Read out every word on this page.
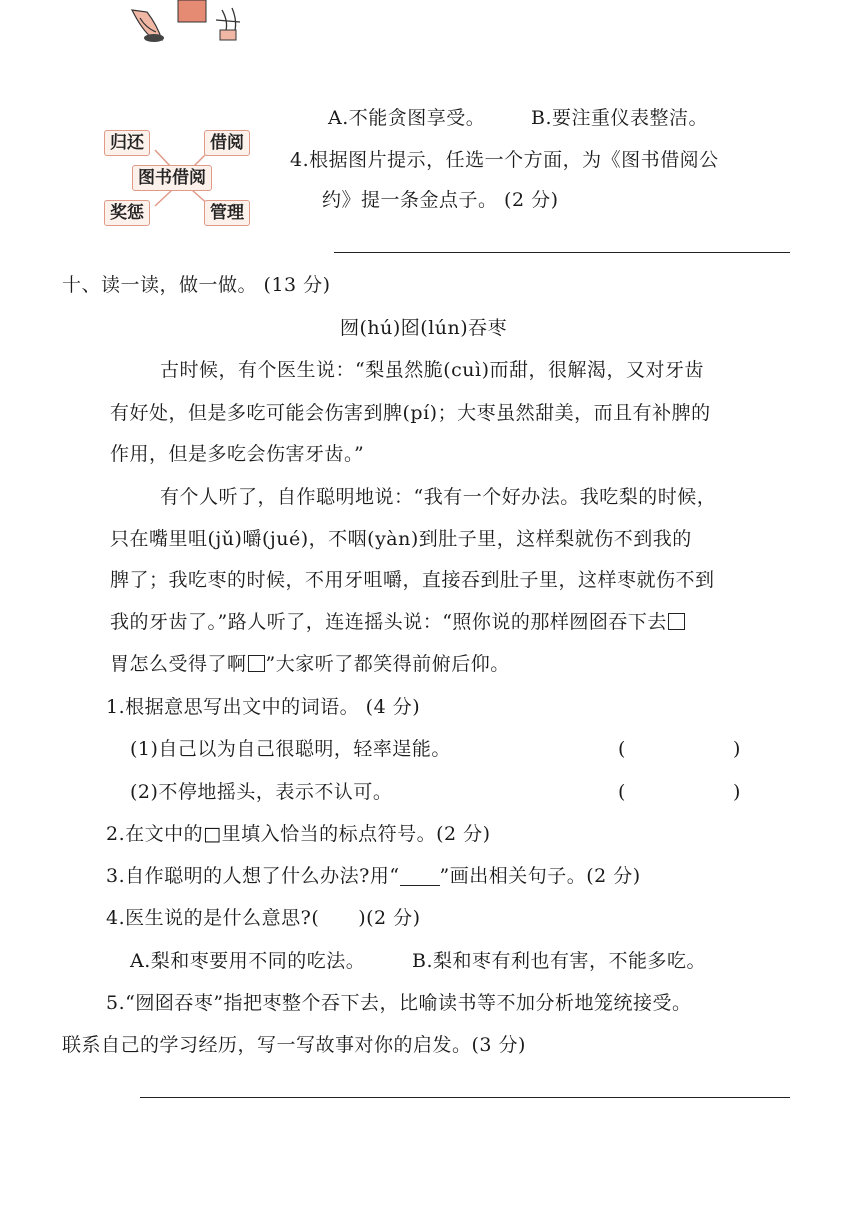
A.不能贪图享受。 B.要注重仪表整洁。
归还	借阅
图书借阅
奖惩	管理
4.根据图片提示，任选一个方面，为《图书借阅公
约》提一条金点子。 (2 分)
十、读一读，做一做。 (13 分)
囫(hú)囵(lún)吞枣
古时候，有个医生说：“梨虽然脆(cuì)而甜，很解渴，又对牙齿
有好处，但是多吃可能会伤害到脾(pí)；大枣虽然甜美，而且有补脾的
作用，但是多吃会伤害牙齿。”
有个人听了，自作聪明地说：“我有一个好办法。我吃梨的时候，
只在嘴里咀(jǔ)嚼(jué)，不咽(yàn)到肚子里，这样梨就伤不到我的
脾了；我吃枣的时候，不用牙咀嚼，直接吞到肚子里，这样枣就伤不到
我的牙齿了。”路人听了，连连摇头说：“照你说的那样囫囵吞下去
胃怎么受得了啊 ”大家听了都笑得前俯后仰。
1.根据意思写出文中的词语。 (4 分)
(1)自己以为自己很聪明，轻率逞能。	(	)
(2)不停地摇头，表示不认可。	(	)
2.在文中的□里填入恰当的标点符号。(2 分)
3.自作聪明的人想了什么办法?用“ ”画出相关句子。(2 分)
4.医生说的是什么意思?(　　)(2 分)
A.梨和枣要用不同的吃法。 B.梨和枣有利也有害，不能多吃。
5.“囫囵吞枣”指把枣整个吞下去，比喻读书等不加分析地笼统接受。
联系自己的学习经历，写一写故事对你的启发。(3 分)
